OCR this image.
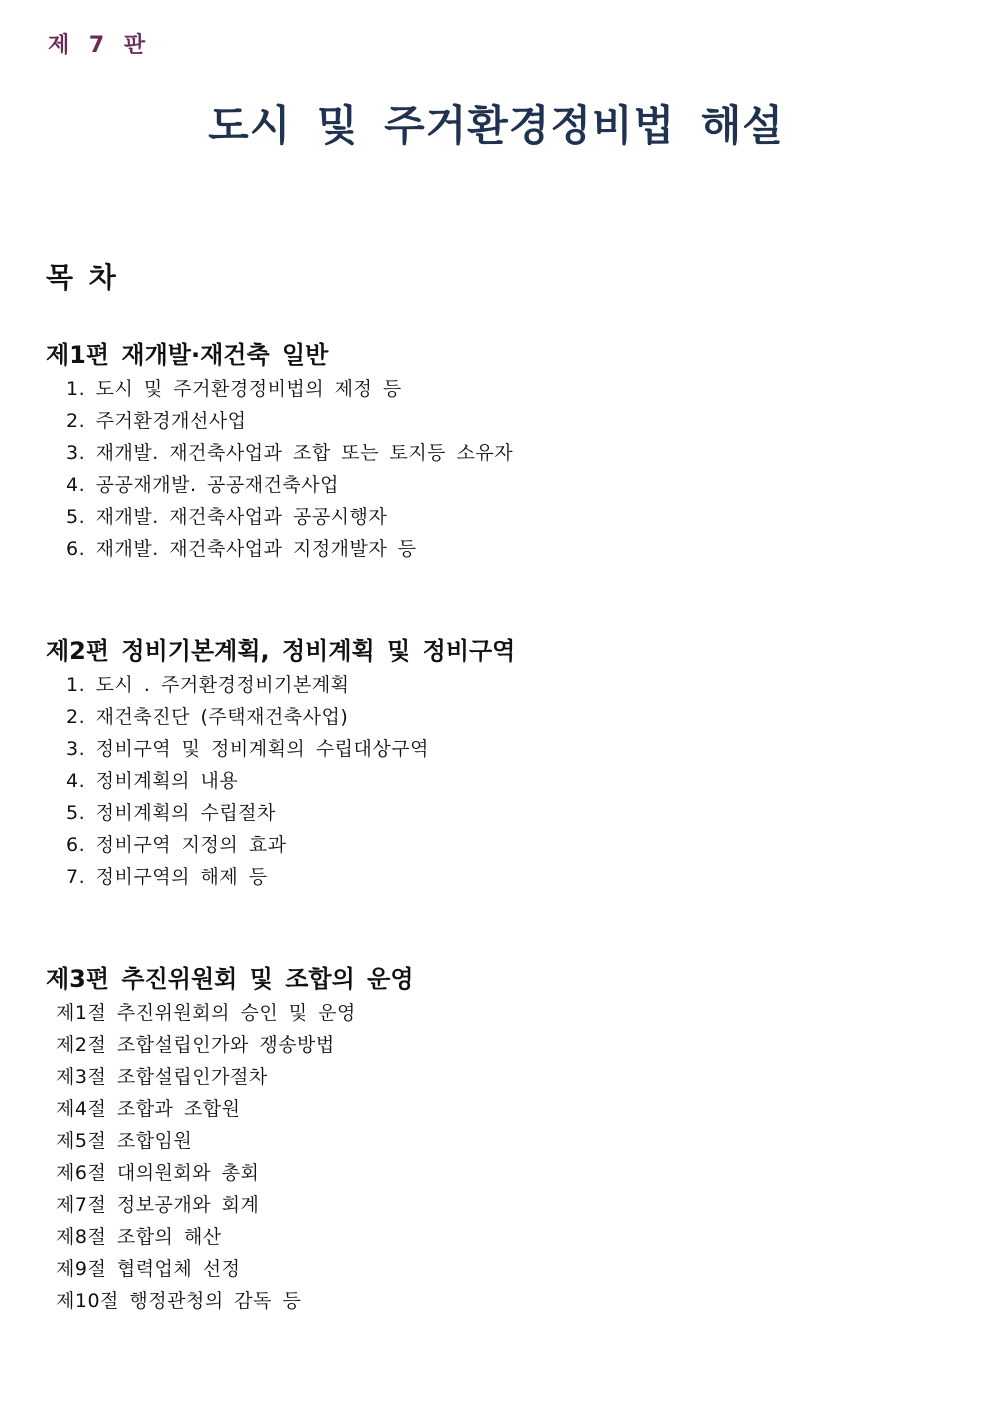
제 7 판
도시 및 주거환경정비법 해설
목 차
제1편 재개발·재건축 일반
1. 도시 및 주거환경정비법의 제정 등
2. 주거환경개선사업
3. 재개발. 재건축사업과 조합 또는 토지등 소유자
4. 공공재개발. 공공재건축사업
5. 재개발. 재건축사업과 공공시행자
6. 재개발. 재건축사업과 지정개발자 등
제2편 정비기본계획, 정비계획 및 정비구역
1. 도시 . 주거환경정비기본계획
2. 재건축진단 (주택재건축사업)
3. 정비구역 및 정비계획의 수립대상구역
4. 정비계획의 내용
5. 정비계획의 수립절차
6. 정비구역 지정의 효과
7. 정비구역의 해제 등
제3편 추진위원회 및 조합의 운영
제1절 추진위원회의 승인 및 운영
제2절 조합설립인가와 쟁송방법
제3절 조합설립인가절차
제4절 조합과 조합원
제5절 조합임원
제6절 대의원회와 총회
제7절 정보공개와 회계
제8절 조합의 해산
제9절 협력업체 선정
제10절 행정관청의 감독 등
